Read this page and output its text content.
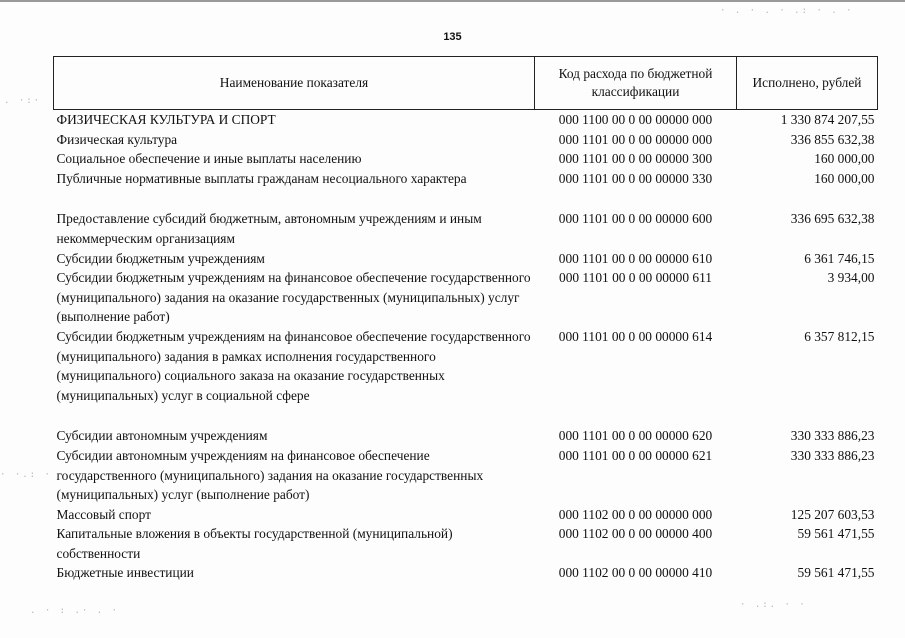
· . · . · .: · . ·
. ·:·
· ·.: ·
. · : .· . ·
· .:. · ·
135
Наименование показателя	Код расхода по бюджетной классификации	Исполнено, рублей
ФИЗИЧЕСКАЯ КУЛЬТУРА И СПОРТ	000 1100 00 0 00 00000 000	1 330 874 207,55
Физическая культура	000 1101 00 0 00 00000 000	336 855 632,38
Социальное обеспечение и иные выплаты населению	000 1101 00 0 00 00000 300	160 000,00
Публичные нормативные выплаты гражданам несоциального характера	000 1101 00 0 00 00000 330	160 000,00

Предоставление субсидий бюджетным, автономным учреждениям и иным некоммерческим организациям	000 1101 00 0 00 00000 600	336 695 632,38
Субсидии бюджетным учреждениям	000 1101 00 0 00 00000 610	6 361 746,15
Субсидии бюджетным учреждениям на финансовое обеспечение государственного (муниципального) задания на оказание государственных (муниципальных) услуг (выполнение работ)	000 1101 00 0 00 00000 611	3 934,00
Субсидии бюджетным учреждениям на финансовое обеспечение государственного (муниципального) задания в рамках исполнения государственного (муниципального) социального заказа на оказание государственных (муниципальных) услуг в социальной сфере	000 1101 00 0 00 00000 614	6 357 812,15

Субсидии автономным учреждениям	000 1101 00 0 00 00000 620	330 333 886,23
Субсидии автономным учреждениям на финансовое обеспечение государственного (муниципального) задания на оказание государственных (муниципальных) услуг (выполнение работ)	000 1101 00 0 00 00000 621	330 333 886,23
Массовый спорт	000 1102 00 0 00 00000 000	125 207 603,53
Капитальные вложения в объекты государственной (муниципальной) собственности	000 1102 00 0 00 00000 400	59 561 471,55
Бюджетные инвестиции	000 1102 00 0 00 00000 410	59 561 471,55
